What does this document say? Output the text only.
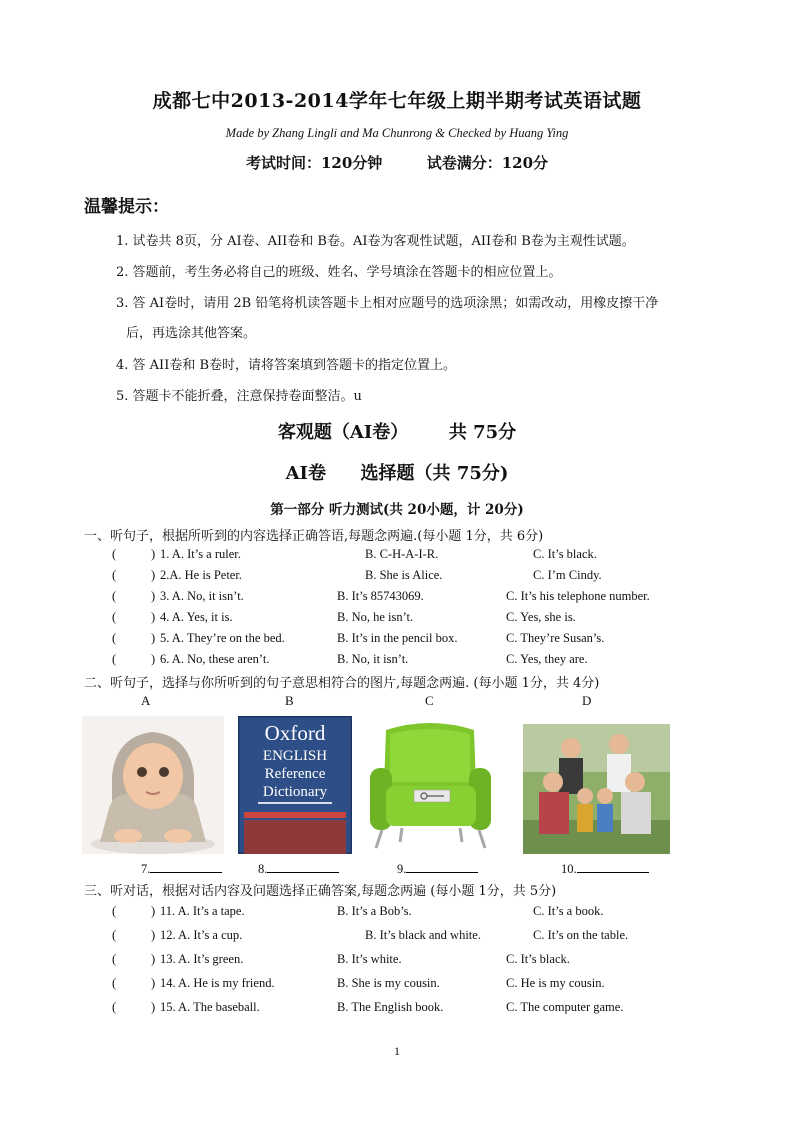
成都七中2013-2014学年七年级上期半期考试英语试题
Made by Zhang Lingli and Ma Chunrong & Checked by Huang Ying
考试时间：120分钟	试卷满分：120分
温馨提示：
1. 试卷共 8页，分 AI卷、AII卷和 B卷。AI卷为客观性试题，AII卷和 B卷为主观性试题。
2. 答题前，考生务必将自己的班级、姓名、学号填涂在答题卡的相应位置上。
3. 答 AI卷时，请用 2B 铅笔将机读答题卡上相对应题号的选项涂黑；如需改动，用橡皮擦干净
后，再选涂其他答案。
4. 答 AII卷和 B卷时，请将答案填到答题卡的指定位置上。
5. 答题卡不能折叠，注意保持卷面整洁。u
客观题（AI卷） 共 75分
AI卷 选择题（共 75分)
第一部分 听力测试(共 20小题，计 20分)
一、听句子，根据所听到的内容选择正确答语,每题念两遍.(每小题 1分，共 6分)
(	) 1. A. It’s a ruler.	B. C-H-A-I-R.	C. It’s black.
(	) 2.A. He is Peter.	B. She is Alice.	C. I’m Cindy.
(	) 3. A. No, it isn’t.	B. It’s 85743069.	C. It’s his telephone number.
(	) 4. A. Yes, it is.	B. No, he isn’t.	C. Yes, she is.
(	) 5. A. They’re on the bed.	B. It’s in the pencil box.	C. They’re Susan’s.
(	) 6. A. No, these aren’t.	B. No, it isn’t.	C. Yes, they are.
二、听句子，选择与你所听到的句子意思相符合的图片,每题念两遍. (每小题 1分，共 4分)
A	B	C	D
Oxford
ENGLISH
Reference
Dictionary
7.	8.	9.	10.
三、听对话，根据对话内容及问题选择正确答案,每题念两遍 (每小题 1分，共 5分)
(	) 11. A. It’s a tape.	B. It’s a Bob’s.	C. It’s a book.
(	) 12. A. It’s a cup.	B. It’s black and white.	C. It’s on the table.
(	) 13. A. It’s green.	B. It’s white.	C. It’s black.
(	) 14. A. He is my friend.	B. She is my cousin.	C. He is my cousin.
(	) 15. A. The baseball.	B. The English book.	C. The computer game.
1
